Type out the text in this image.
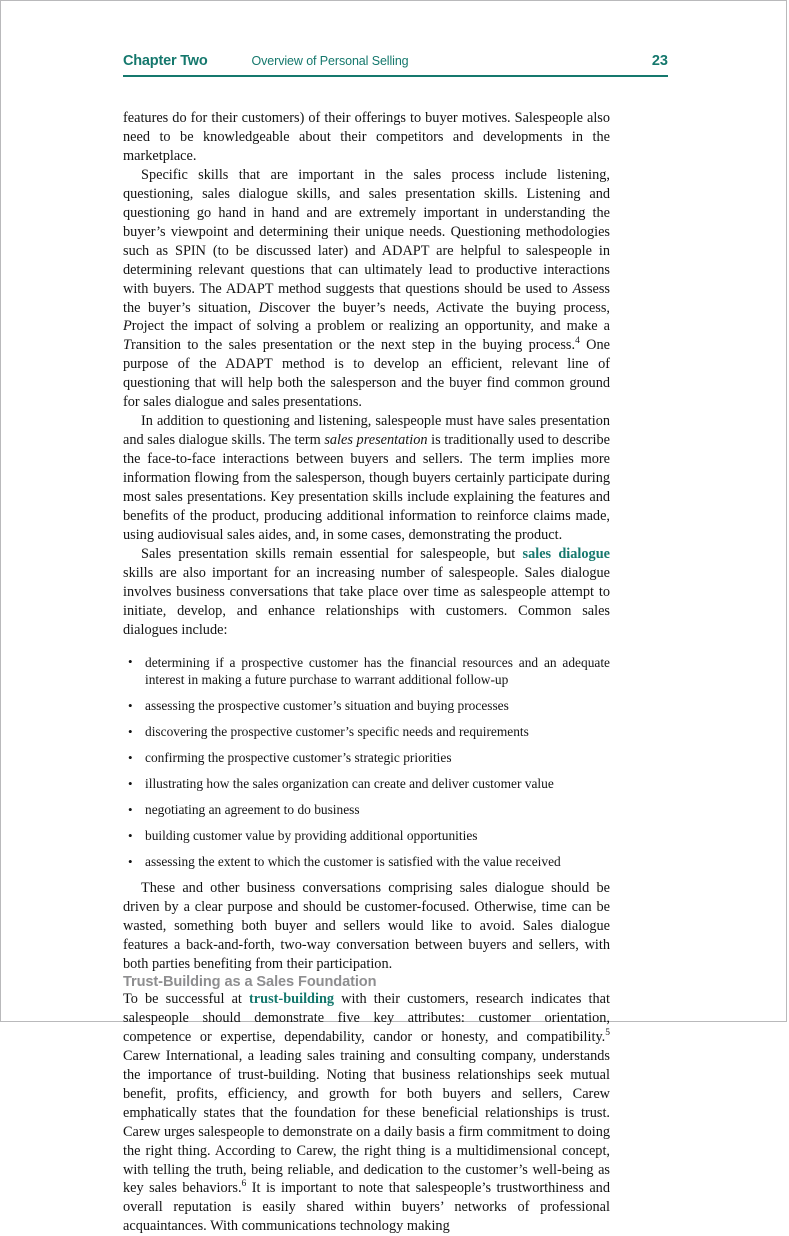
Chapter Two	Overview of Personal Selling	23

features do for their customers) of their offerings to buyer motives. Salespeople also need to be knowledgeable about their competitors and developments in the marketplace.

Specific skills that are important in the sales process include listening, questioning, sales dialogue skills, and sales presentation skills. Listening and questioning go hand in hand and are extremely important in understanding the buyer’s viewpoint and determining their unique needs. Questioning methodologies such as SPIN (to be discussed later) and ADAPT are helpful to salespeople in determining relevant questions that can ultimately lead to productive interactions with buyers. The ADAPT method suggests that questions should be used to Assess the buyer’s situation, Discover the buyer’s needs, Activate the buying process, Project the impact of solving a problem or realizing an opportunity, and make a Transition to the sales presentation or the next step in the buying process.$^4$ One purpose of the ADAPT method is to develop an efficient, relevant line of questioning that will help both the salesperson and the buyer find common ground for sales dialogue and sales presentations.

In addition to questioning and listening, salespeople must have sales presentation and sales dialogue skills. The term sales presentation is traditionally used to describe the face-to-face interactions between buyers and sellers. The term implies more information flowing from the salesperson, though buyers certainly participate during most sales presentations. Key presentation skills include explaining the features and benefits of the product, producing additional information to reinforce claims made, using audiovisual sales aides, and, in some cases, demonstrating the product.

Sales presentation skills remain essential for salespeople, but sales dialogue skills are also important for an increasing number of salespeople. Sales dialogue involves business conversations that take place over time as salespeople attempt to initiate, develop, and enhance relationships with customers. Common sales dialogues include:

• determining if a prospective customer has the financial resources and an adequate interest in making a future purchase to warrant additional follow-up
• assessing the prospective customer’s situation and buying processes
• discovering the prospective customer’s specific needs and requirements
• confirming the prospective customer’s strategic priorities
• illustrating how the sales organization can create and deliver customer value
• negotiating an agreement to do business
• building customer value by providing additional opportunities
• assessing the extent to which the customer is satisfied with the value received

These and other business conversations comprising sales dialogue should be driven by a clear purpose and should be customer-focused. Otherwise, time can be wasted, something both buyer and sellers would like to avoid. Sales dialogue features a back-and-forth, two-way conversation between buyers and sellers, with both parties benefiting from their participation.

Trust-Building as a Sales Foundation

To be successful at trust-building with their customers, research indicates that salespeople should demonstrate five key attributes: customer orientation, competence or expertise, dependability, candor or honesty, and compatibility.$^5$ Carew International, a leading sales training and consulting company, understands the importance of trust-building. Noting that business relationships seek mutual benefit, profits, efficiency, and growth for both buyers and sellers, Carew emphatically states that the foundation for these beneficial relationships is trust. Carew urges salespeople to demonstrate on a daily basis a firm commitment to doing the right thing. According to Carew, the right thing is a multidimensional concept, with telling the truth, being reliable, and dedication to the customer’s well-being as key sales behaviors.$^6$ It is important to note that salespeople’s trustworthiness and overall reputation is easily shared within buyers’ networks of professional acquaintances. With communications technology making
